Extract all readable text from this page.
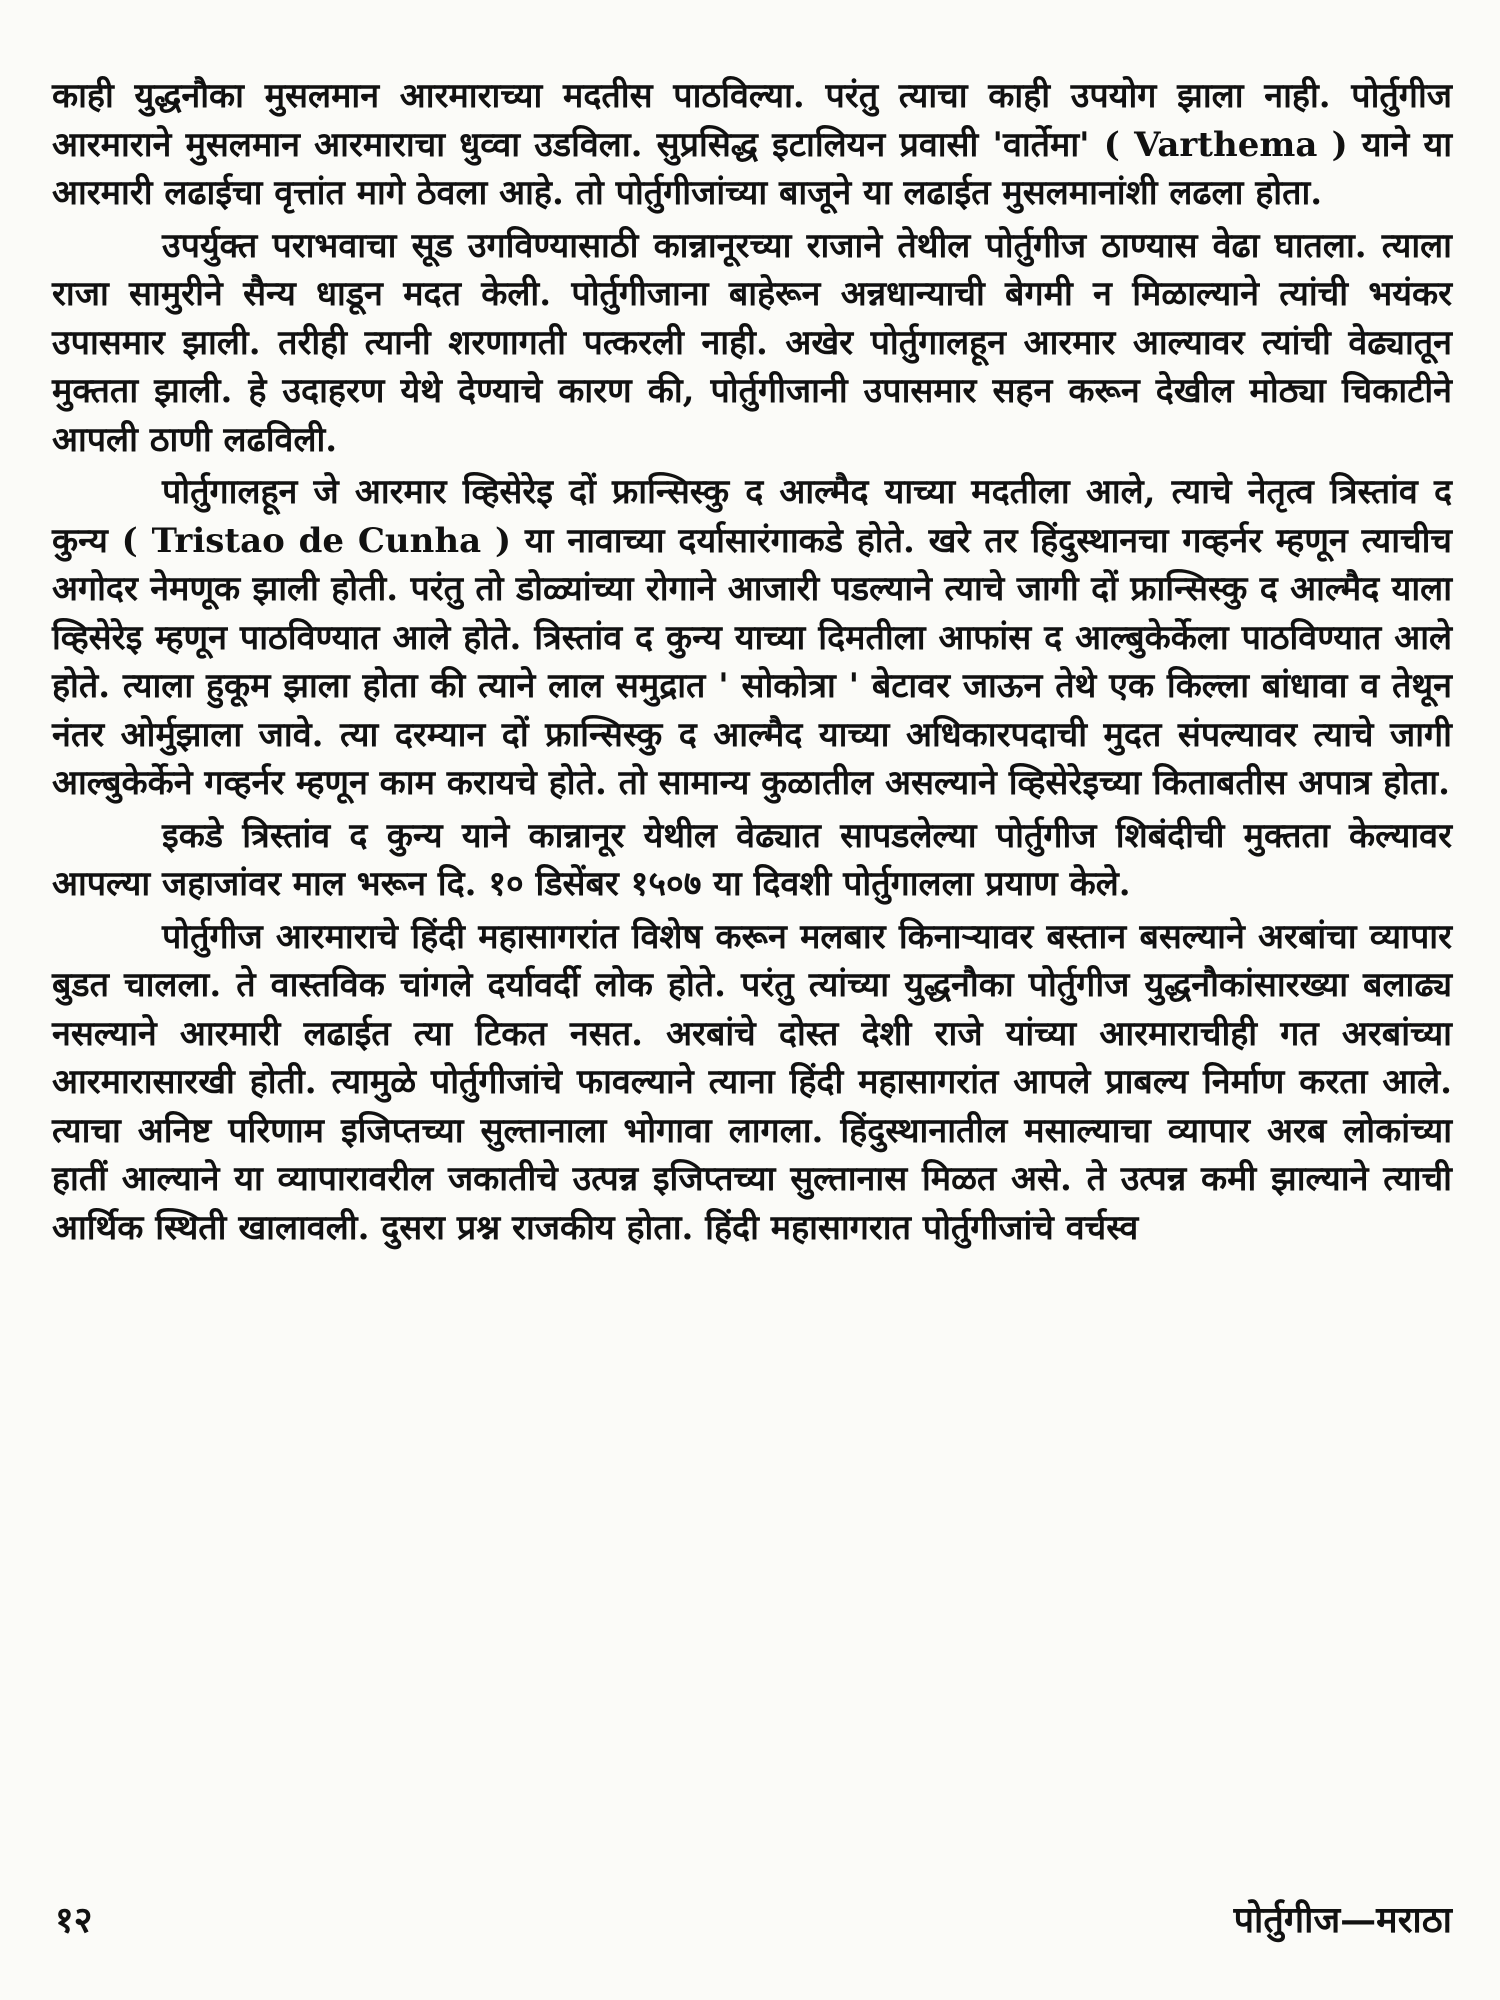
काही युद्धनौका मुसलमान आरमाराच्या मदतीस पाठविल्या. परंतु त्याचा काही उपयोग झाला नाही. पोर्तुगीज आरमाराने मुसलमान आरमाराचा धुव्वा उडविला. सुप्रसिद्ध इटालियन प्रवासी 'वार्तेमा' ( Varthema ) याने या आरमारी लढाईचा वृत्तांत मागे ठेवला आहे. तो पोर्तुगीजांच्या बाजूने या लढाईत मुसलमानांशी लढला होता.

उपर्युक्त पराभवाचा सूड उगविण्यासाठी कान्नानूरच्या राजाने तेथील पोर्तुगीज ठाण्यास वेढा घातला. त्याला राजा सामुरीने सैन्य धाडून मदत केली. पोर्तुगीजाना बाहेरून अन्नधान्याची बेगमी न मिळाल्याने त्यांची भयंकर उपासमार झाली. तरीही त्यानी शरणागती पत्करली नाही. अखेर पोर्तुगालहून आरमार आल्यावर त्यांची वेढ्यातून मुक्तता झाली. हे उदाहरण येथे देण्याचे कारण की, पोर्तुगीजानी उपासमार सहन करून देखील मोठ्या चिकाटीने आपली ठाणी लढविली.

पोर्तुगालहून जे आरमार व्हिसेरेइ दों फ्रान्सिस्कु द आल्मैद याच्या मदतीला आले, त्याचे नेतृत्व त्रिस्तांव द कुन्य ( Tristao de Cunha ) या नावाच्या दर्यासारंगाकडे होते. खरे तर हिंदुस्थानचा गव्हर्नर म्हणून त्याचीच अगोदर नेमणूक झाली होती. परंतु तो डोळ्यांच्या रोगाने आजारी पडल्याने त्याचे जागी दों फ्रान्सिस्कु द आल्मैद याला व्हिसेरेइ म्हणून पाठविण्यात आले होते. त्रिस्तांव द कुन्य याच्या दिमतीला आफांस द आल्बुकेर्केला पाठविण्यात आले होते. त्याला हुकूम झाला होता की त्याने लाल समुद्रात ' सोकोत्रा ' बेटावर जाऊन तेथे एक किल्ला बांधावा व तेथून नंतर ओर्मुझाला जावे. त्या दरम्यान दों फ्रान्सिस्कु द आल्मैद याच्या अधिकारपदाची मुदत संपल्यावर त्याचे जागी आल्बुकेर्केने गव्हर्नर म्हणून काम करायचे होते. तो सामान्य कुळातील असल्याने व्हिसेरेइच्या किताबतीस अपात्र होता.

इकडे त्रिस्तांव द कुन्य याने कान्नानूर येथील वेढ्यात सापडलेल्या पोर्तुगीज शिबंदीची मुक्तता केल्यावर आपल्या जहाजांवर माल भरून दि. १० डिसेंबर १५०७ या दिवशी पोर्तुगालला प्रयाण केले.

पोर्तुगीज आरमाराचे हिंदी महासागरांत विशेष करून मलबार किनाऱ्यावर बस्तान बसल्याने अरबांचा व्यापार बुडत चालला. ते वास्तविक चांगले दर्यावर्दी लोक होते. परंतु त्यांच्या युद्धनौका पोर्तुगीज युद्धनौकांसारख्या बलाढ्य नसल्याने आरमारी लढाईत त्या टिकत नसत. अरबांचे दोस्त देशी राजे यांच्या आरमाराचीही गत अरबांच्या आरमारासारखी होती. त्यामुळे पोर्तुगीजांचे फावल्याने त्याना हिंदी महासागरांत आपले प्राबल्य निर्माण करता आले. त्याचा अनिष्ट परिणाम इजिप्तच्या सुल्तानाला भोगावा लागला. हिंदुस्थानातील मसाल्याचा व्यापार अरब लोकांच्या हातीं आल्याने या व्यापारावरील जकातीचे उत्पन्न इजिप्तच्या सुल्तानास मिळत असे. ते उत्पन्न कमी झाल्याने त्याची आर्थिक स्थिती खालावली. दुसरा प्रश्न राजकीय होता. हिंदी महासागरात पोर्तुगीजांचे वर्चस्व

१२	पोर्तुगीज—मराठा
